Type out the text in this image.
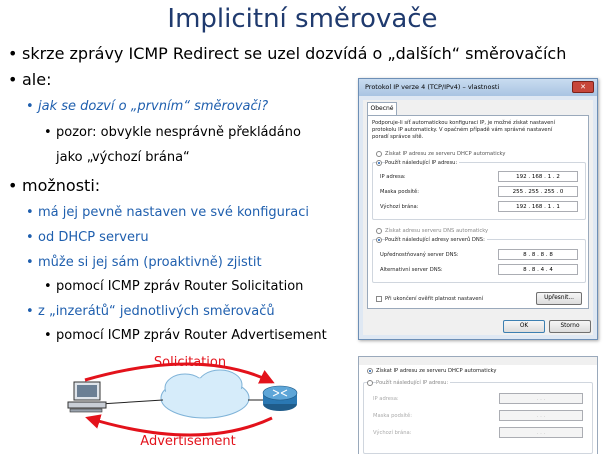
Implicitní směrovače
• skrze zprávy ICMP Redirect se uzel dozvídá o „dalších“ směrovačích
• ale:
• jak se dozví o „prvním“ směrovači?
• pozor: obvykle nesprávně překládáno
jako „výchozí brána“
• možnosti:
• má jej pevně nastaven ve své konfiguraci
• od DHCP serveru
• může si jej sám (proaktivně) zjistit
• pomocí ICMP zpráv Router Solicitation
• z „inzerátů“ jednotlivých směrovačů
• pomocí ICMP zpráv Router Advertisement
Protokol IP verze 4 (TCP/IPv4) – vlastnosti	✕
Obecné
Podporuje-li síť automatickou konfiguraci IP, je možné získat nastavení
protokolu IP automaticky. V opačném případě vám správné nastavení
poradí správce sítě.
Získat IP adresu ze serveru DHCP automaticky
Použít následující IP adresu:
IP adresa:	192 . 168 . 1 . 2
Maska podsítě:	255 . 255 . 255 . 0
Výchozí brána:	192 . 168 . 1 . 1
Získat adresu serveru DNS automaticky
Použít následující adresy serverů DNS:
Upřednostňovaný server DNS:	8 . 8 . 8 . 8
Alternativní server DNS:	8 . 8 . 4 . 4
Při ukončení ověřit platnost nastavení	Upřesnit...
OK	Storno
Získat IP adresu ze serveru DHCP automaticky
Použít následující IP adresu:
IP adresa:	. . .
Maska podsítě:	. . .
Výchozí brána:	. . .
Solicitation
Advertisement
